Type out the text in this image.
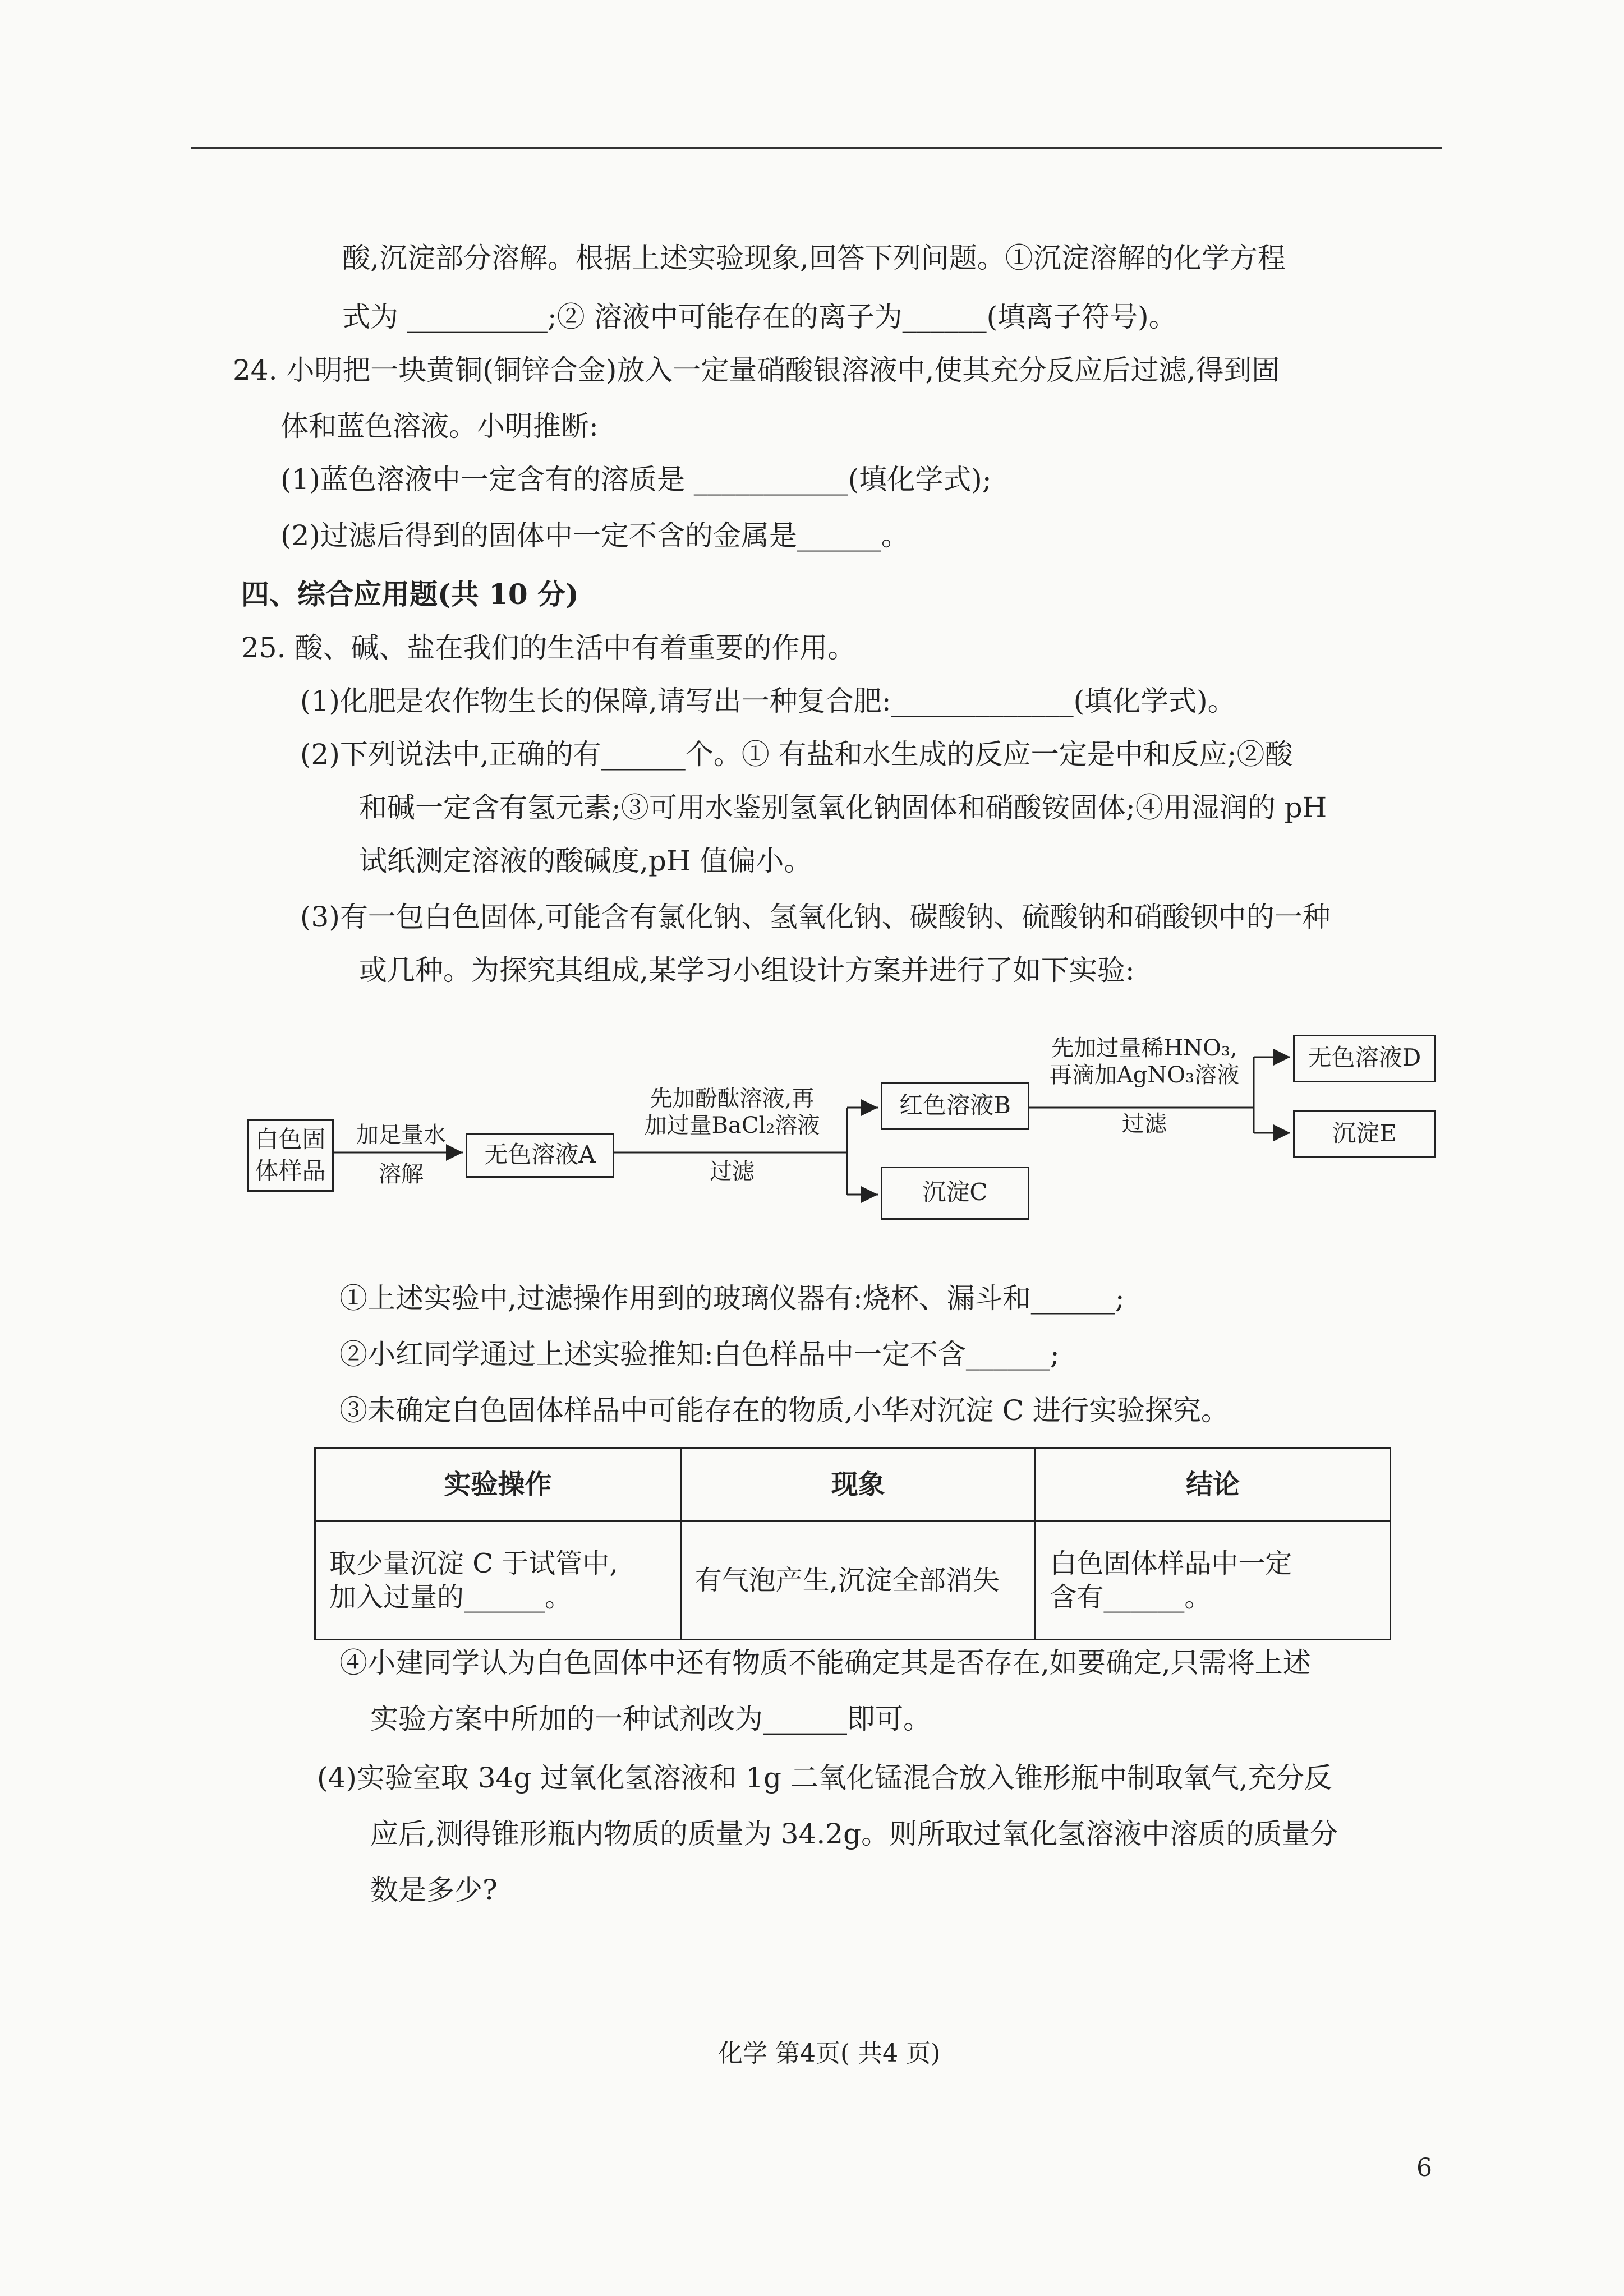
酸,沉淀部分溶解。根据上述实验现象,回答下列问题。①沉淀溶解的化学方程
式为 __________;② 溶液中可能存在的离子为______(填离子符号)。
24. 小明把一块黄铜(铜锌合金)放入一定量硝酸银溶液中,使其充分反应后过滤,得到固
体和蓝色溶液。小明推断:
(1)蓝色溶液中一定含有的溶质是 ___________(填化学式);
(2)过滤后得到的固体中一定不含的金属是______。
四、综合应用题(共 10 分)
25. 酸、碱、盐在我们的生活中有着重要的作用。
(1)化肥是农作物生长的保障,请写出一种复合肥:_____________(填化学式)。
(2)下列说法中,正确的有______个。① 有盐和水生成的反应一定是中和反应;②酸
和碱一定含有氢元素;③可用水鉴别氢氧化钠固体和硝酸铵固体;④用湿润的 pH
试纸测定溶液的酸碱度,pH 值偏小。
(3)有一包白色固体,可能含有氯化钠、氢氧化钠、碳酸钠、硫酸钠和硝酸钡中的一种
或几种。为探究其组成,某学习小组设计方案并进行了如下实验:
白色固
体样品
加足量水
溶解
无色溶液A
先加酚酞溶液,再
加过量BaCl₂溶液
过滤
红色溶液B
沉淀C
先加过量稀HNO₃,
再滴加AgNO₃溶液
过滤
无色溶液D
沉淀E
①上述实验中,过滤操作用到的玻璃仪器有:烧杯、漏斗和______;
②小红同学通过上述实验推知:白色样品中一定不含______;
③未确定白色固体样品中可能存在的物质,小华对沉淀 C 进行实验探究。
实验操作	现象	结论
取少量沉淀 C 于试管中,
加入过量的______。	有气泡产生,沉淀全部消失	白色固体样品中一定
含有______。
④小建同学认为白色固体中还有物质不能确定其是否存在,如要确定,只需将上述
实验方案中所加的一种试剂改为______即可。
(4)实验室取 34g 过氧化氢溶液和 1g 二氧化锰混合放入锥形瓶中制取氧气,充分反
应后,测得锥形瓶内物质的质量为 34.2g。则所取过氧化氢溶液中溶质的质量分
数是多少?
化学 第4页( 共4 页)
6
